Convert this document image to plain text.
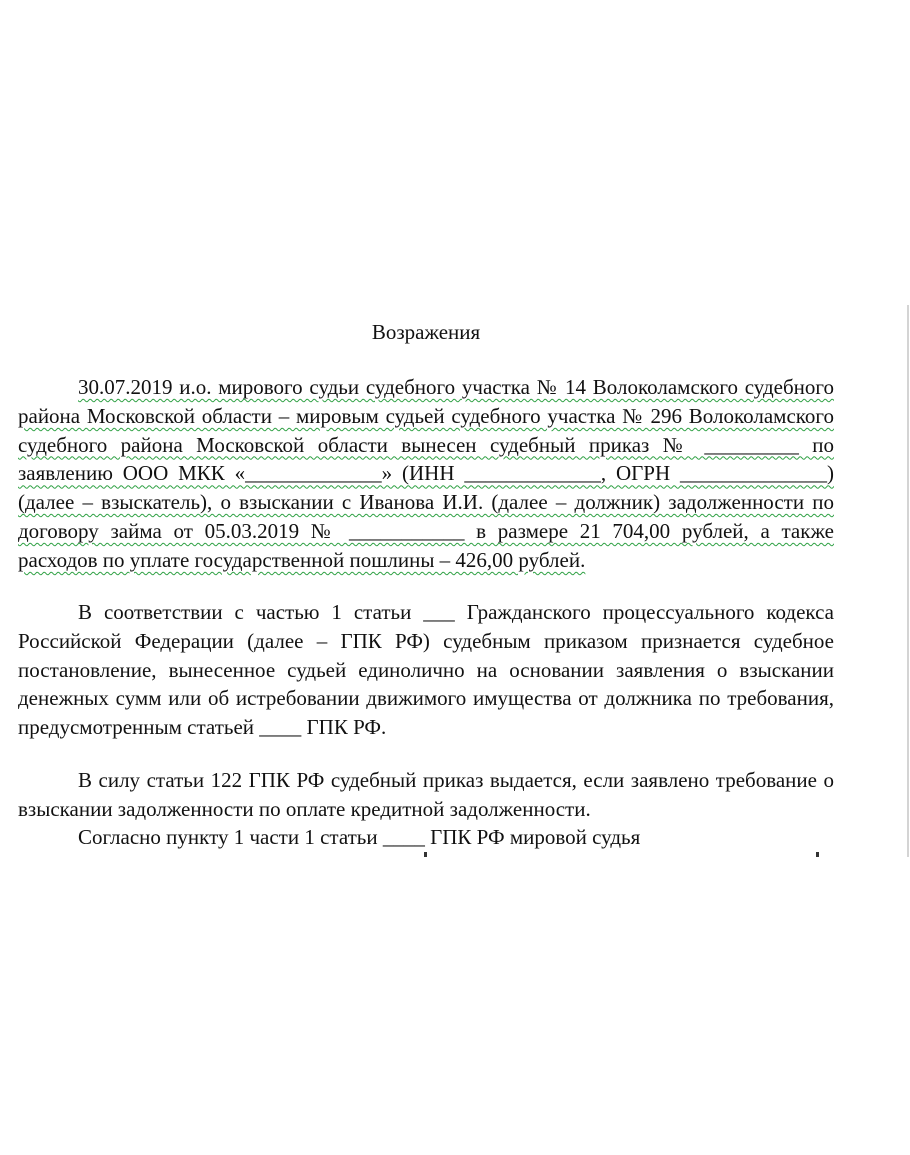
Возражения

30.07.2019 и.о. мирового судьи судебного участка № 14 Волоколамского судебного района Московской области – мировым судьей судебного участка № 296 Волоколамского судебного района Московской области вынесен судебный приказ № _________ по заявлению ООО МКК «_____________» (ИНН _____________, ОГРН ______________) (далее – взыскатель), о взыскании с Иванова И.И. (далее – должник) задолженности по договору займа от 05.03.2019 № ___________ в размере 21 704,00 рублей, а также расходов по уплате государственной пошлины – 426,00 рублей.

В соответствии с частью 1 статьи ___ Гражданского процессуального кодекса Российской Федерации (далее – ГПК РФ) судебным приказом признается судебное постановление, вынесенное судьей единолично на основании заявления о взыскании денежных сумм или об истребовании движимого имущества от должника по требования, предусмотренным статьей ____ ГПК РФ.

В силу статьи 122 ГПК РФ судебный приказ выдается, если заявлено требование о взыскании задолженности по оплате кредитной задолженности.

Согласно пункту 1 части 1 статьи ____ ГПК РФ мировой судья
